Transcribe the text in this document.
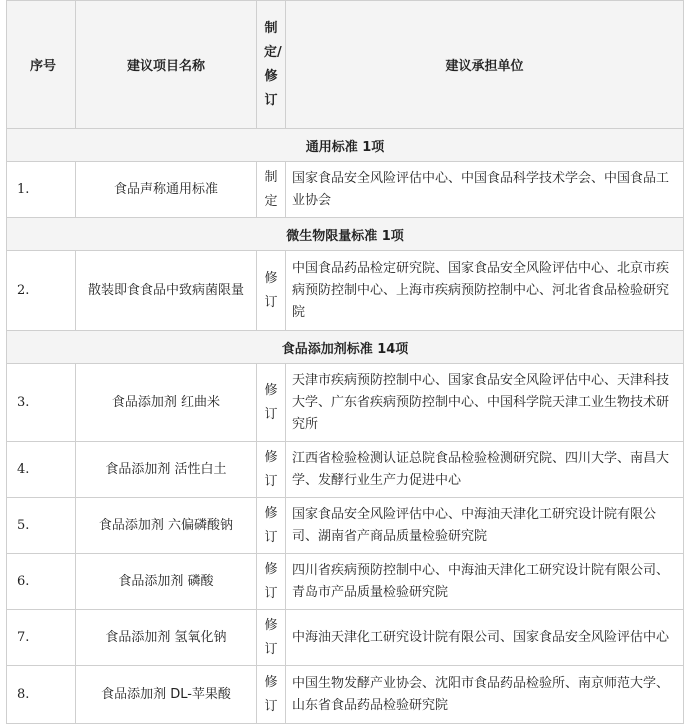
序号	建议项目名称	制定/修订	建议承担单位
通用标准 1项			
1.	食品声称通用标准	制定	国家食品安全风险评估中心、中国食品科学技术学会、中国食品工业协会
微生物限量标准 1项			
2.	散装即食食品中致病菌限量	修订	中国食品药品检定研究院、国家食品安全风险评估中心、北京市疾病预防控制中心、上海市疾病预防控制中心、河北省食品检验研究院
食品添加剂标准 14项			
3.	食品添加剂 红曲米	修订	天津市疾病预防控制中心、国家食品安全风险评估中心、天津科技大学、广东省疾病预防控制中心、中国科学院天津工业生物技术研究所
4.	食品添加剂 活性白土	修订	江西省检验检测认证总院食品检验检测研究院、四川大学、南昌大学、发酵行业生产力促进中心
5.	食品添加剂 六偏磷酸钠	修订	国家食品安全风险评估中心、中海油天津化工研究设计院有限公司、湖南省产商品质量检验研究院
6.	食品添加剂 磷酸	修订	四川省疾病预防控制中心、中海油天津化工研究设计院有限公司、青岛市产品质量检验研究院
7.	食品添加剂 氢氧化钠	修订	中海油天津化工研究设计院有限公司、国家食品安全风险评估中心
8.	食品添加剂 DL-苹果酸	修订	中国生物发酵产业协会、沈阳市食品药品检验所、南京师范大学、山东省食品药品检验研究院
